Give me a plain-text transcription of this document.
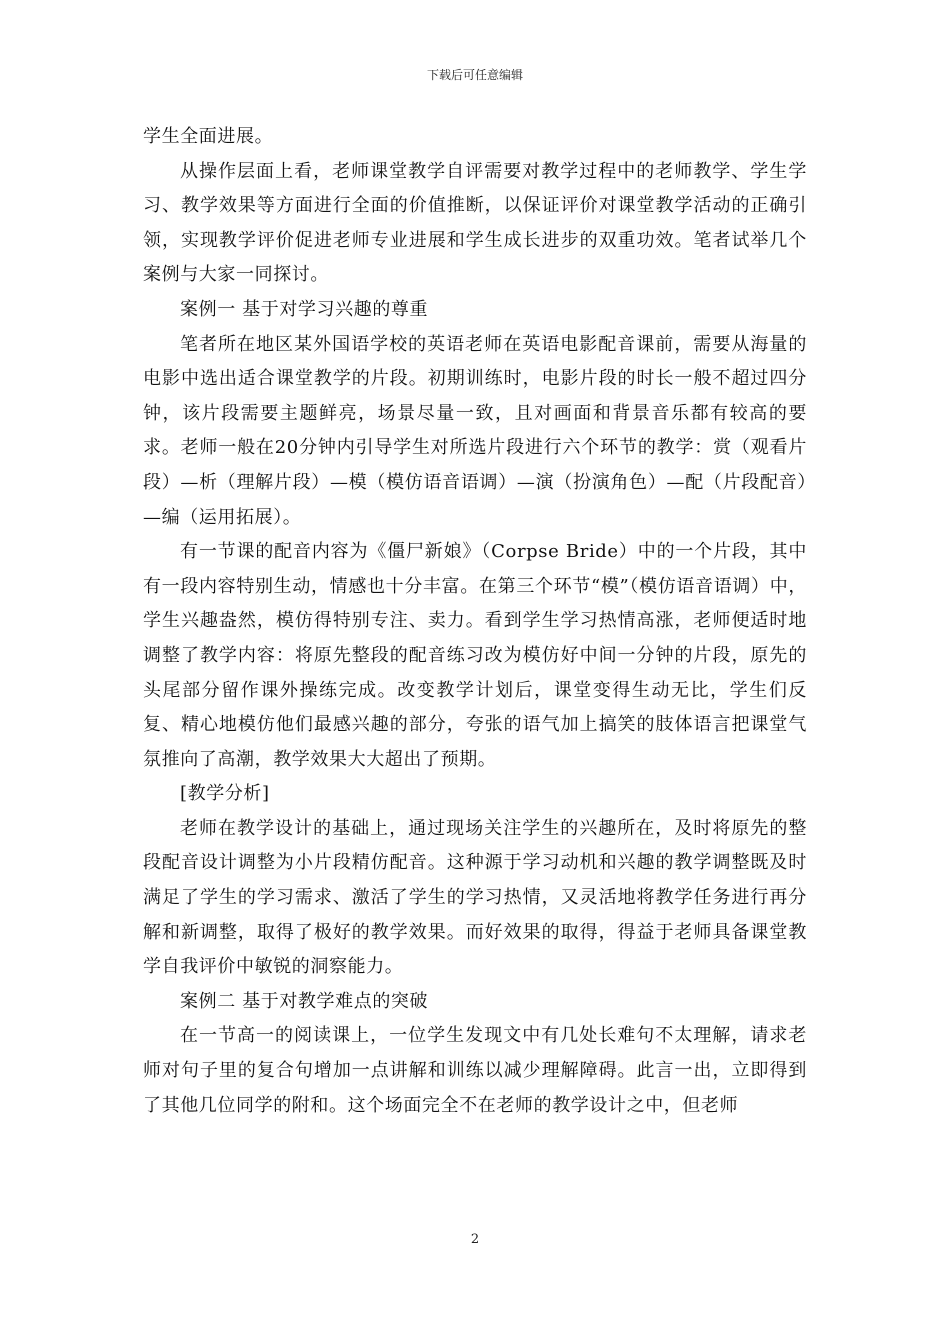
下载后可任意编辑

学生全面进展。

从操作层面上看，老师课堂教学自评需要对教学过程中的老师教学、学生学习、教学效果等方面进行全面的价值推断，以保证评价对课堂教学活动的正确引领，实现教学评价促进老师专业进展和学生成长进步的双重功效。笔者试举几个案例与大家一同探讨。

案例一 基于对学习兴趣的尊重

笔者所在地区某外国语学校的英语老师在英语电影配音课前，需要从海量的电影中选出适合课堂教学的片段。初期训练时，电影片段的时长一般不超过四分钟，该片段需要主题鲜亮，场景尽量一致，且对画面和背景音乐都有较高的要求。老师一般在20分钟内引导学生对所选片段进行六个环节的教学：赏（观看片段）—析（理解片段）—模（模仿语音语调）—演（扮演角色）—配（片段配音）—编（运用拓展）。

有一节课的配音内容为《僵尸新娘》（Corpse Bride）中的一个片段，其中有一段内容特别生动，情感也十分丰富。在第三个环节“模”（模仿语音语调）中，学生兴趣盎然，模仿得特别专注、卖力。看到学生学习热情高涨，老师便适时地调整了教学内容：将原先整段的配音练习改为模仿好中间一分钟的片段，原先的头尾部分留作课外操练完成。改变教学计划后，课堂变得生动无比，学生们反复、精心地模仿他们最感兴趣的部分，夸张的语气加上搞笑的肢体语言把课堂气氛推向了高潮，教学效果大大超出了预期。

[教学分析]

老师在教学设计的基础上，通过现场关注学生的兴趣所在，及时将原先的整段配音设计调整为小片段精仿配音。这种源于学习动机和兴趣的教学调整既及时满足了学生的学习需求、激活了学生的学习热情，又灵活地将教学任务进行再分解和新调整，取得了极好的教学效果。而好效果的取得，得益于老师具备课堂教学自我评价中敏锐的洞察能力。

案例二 基于对教学难点的突破

在一节高一的阅读课上，一位学生发现文中有几处长难句不太理解，请求老师对句子里的复合句增加一点讲解和训练以减少理解障碍。此言一出，立即得到了其他几位同学的附和。这个场面完全不在老师的教学设计之中，但老师

2
